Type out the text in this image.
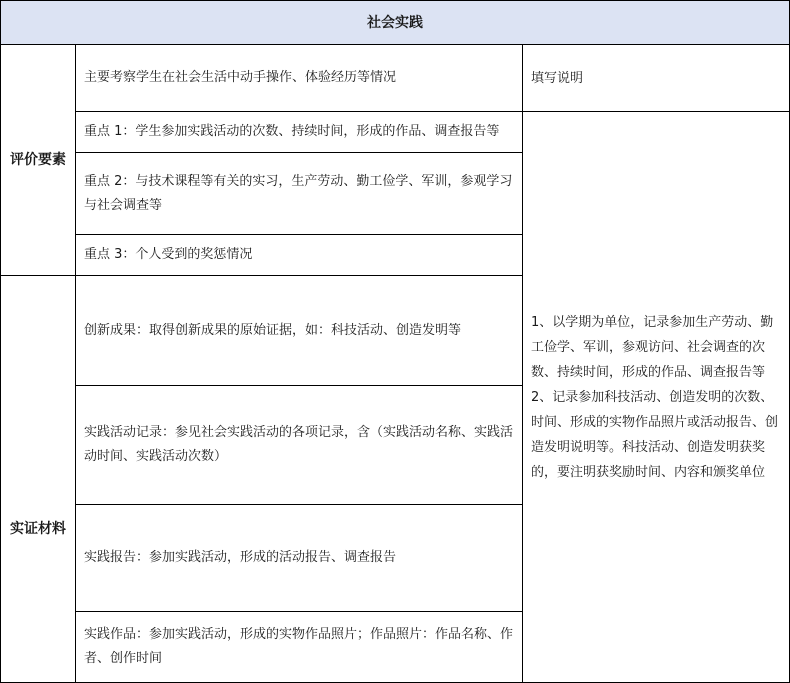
社会实践		
评价要素	主要考察学生在社会生活中动手操作、体验经历等情况	填写说明
	重点 1：学生参加实践活动的次数、持续时间，形成的作品、调查报告等	1、以学期为单位，记录参加生产劳动、勤工俭学、军训，参观访问、社会调查的次数、持续时间，形成的作品、调查报告等 2、记录参加科技活动、创造发明的次数、时间、形成的实物作品照片或活动报告、创造发明说明等。科技活动、创造发明获奖的，要注明获奖励时间、内容和颁奖单位
	重点 2：与技术课程等有关的实习，生产劳动、勤工俭学、军训，参观学习与社会调查等	
	重点 3：个人受到的奖惩情况	
实证材料	创新成果：取得创新成果的原始证据，如：科技活动、创造发明等	
	实践活动记录：参见社会实践活动的各项记录，含（实践活动名称、实践活动时间、实践活动次数）	
	实践报告：参加实践活动，形成的活动报告、调查报告	
	实践作品：参加实践活动，形成的实物作品照片；作品照片：作品名称、作者、创作时间	
